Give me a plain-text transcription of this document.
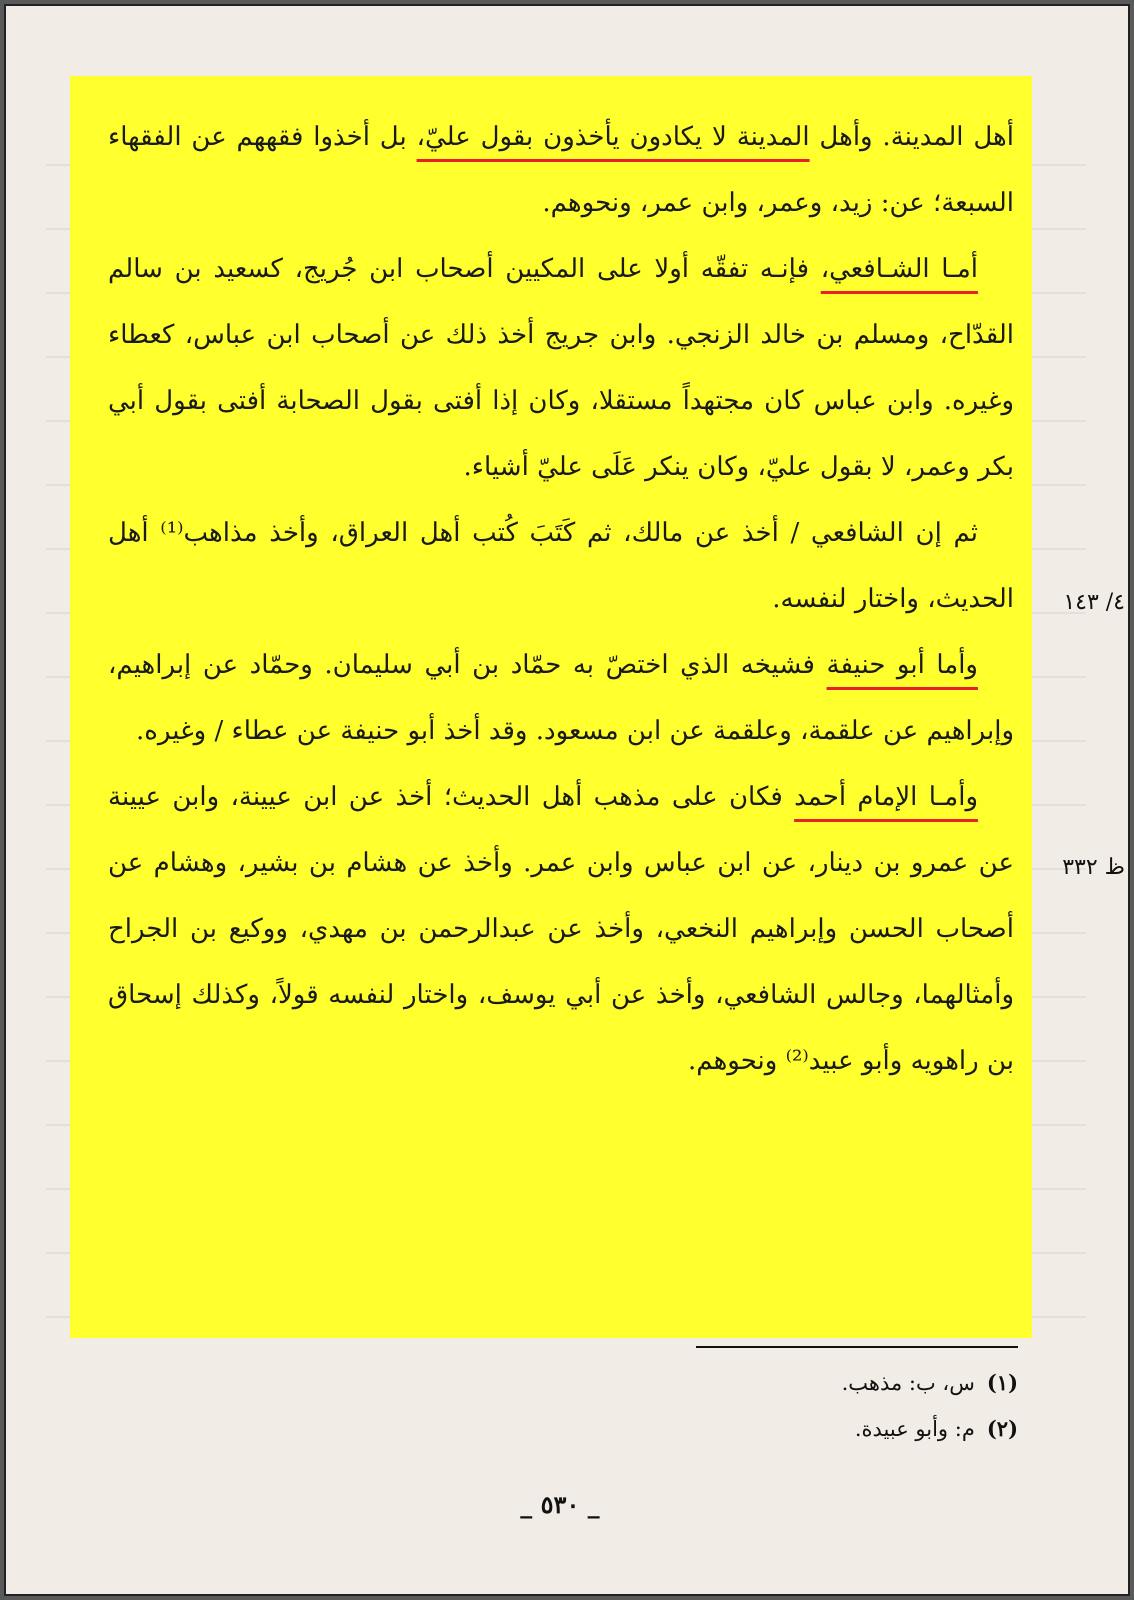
أهل المدينة. وأهل المدينة لا يكادون يأخذون بقول عليّ، بل أخذوا فقههم عن الفقهاء السبعة؛ عن: زيد، وعمر، وابن عمر، ونحوهم.

أمـا الشـافعي، فإنـه تفقّه أولا على المكيين أصحاب ابن جُريج، كسعيد بن سالم القدّاح، ومسلم بن خالد الزنجي. وابن جريج أخذ ذلك عن أصحاب ابن عباس، كعطاء وغيره. وابن عباس كان مجتهداً مستقلا، وكان إذا أفتى بقول الصحابة أفتى بقول أبي بكر وعمر، لا بقول عليّ، وكان ينكر عَلَى عليّ أشياء.

ثم إن الشافعي / أخذ عن مالك، ثم كَتَبَ كُتب أهل العراق، وأخذ مذاهب⁽¹⁾ أهل الحديث، واختار لنفسه.

وأما أبو حنيفة فشيخه الذي اختصّ به حمّاد بن أبي سليمان. وحمّاد عن إبراهيم، وإبراهيم عن علقمة، وعلقمة عن ابن مسعود. وقد أخذ أبو حنيفة عن عطاء / وغيره.

وأمـا الإمام أحمد فكان على مذهب أهل الحديث؛ أخذ عن ابن عيينة، وابن عيينة عن عمرو بن دينار، عن ابن عباس وابن عمر. وأخذ عن هشام بن بشير، وهشام عن أصحاب الحسن وإبراهيم النخعي، وأخذ عن عبدالرحمن بن مهدي، ووكيع بن الجراح وأمثالهما، وجالس الشافعي، وأخذ عن أبي يوسف، واختار لنفسه قولاً، وكذلك إسحاق بن راهويه وأبو عبيد⁽²⁾ ونحوهم.

٤/ ١٤٣
ظ ٣٣٢
(١)س، ب: مذهب.
(٢)م: وأبو عبيدة.
_ ٥٣٠ _
